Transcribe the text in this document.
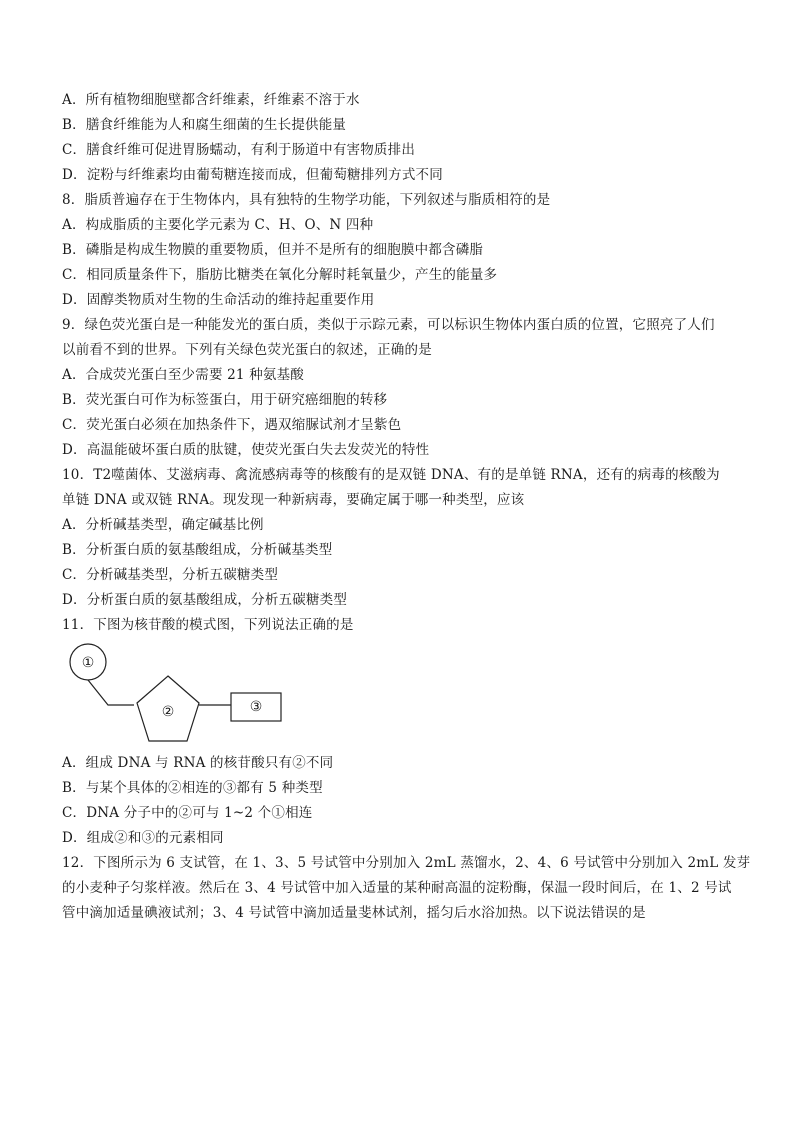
A．所有植物细胞壁都含纤维素，纤维素不溶于水
B．膳食纤维能为人和腐生细菌的生长提供能量
C．膳食纤维可促进胃肠蠕动，有利于肠道中有害物质排出
D．淀粉与纤维素均由葡萄糖连接而成，但葡萄糖排列方式不同
8．脂质普遍存在于生物体内，具有独特的生物学功能，下列叙述与脂质相符的是
A．构成脂质的主要化学元素为 C、H、O、N 四种
B．磷脂是构成生物膜的重要物质，但并不是所有的细胞膜中都含磷脂
C．相同质量条件下，脂肪比糖类在氧化分解时耗氧量少，产生的能量多
D．固醇类物质对生物的生命活动的维持起重要作用
9．绿色荧光蛋白是一种能发光的蛋白质，类似于示踪元素，可以标识生物体内蛋白质的位置，它照亮了人们
以前看不到的世界。下列有关绿色荧光蛋白的叙述，正确的是
A．合成荧光蛋白至少需要 21 种氨基酸
B．荧光蛋白可作为标签蛋白，用于研究癌细胞的转移
C．荧光蛋白必须在加热条件下，遇双缩脲试剂才呈紫色
D．高温能破坏蛋白质的肽键，使荧光蛋白失去发荧光的特性
10．T2噬菌体、艾滋病毒、禽流感病毒等的核酸有的是双链 DNA、有的是单链 RNA，还有的病毒的核酸为
单链 DNA 或双链 RNA。现发现一种新病毒，要确定属于哪一种类型，应该
A．分析碱基类型，确定碱基比例
B．分析蛋白质的氨基酸组成，分析碱基类型
C．分析碱基类型，分析五碳糖类型
D．分析蛋白质的氨基酸组成，分析五碳糖类型
11．下图为核苷酸的模式图，下列说法正确的是
①
②	③
A．组成 DNA 与 RNA 的核苷酸只有②不同
B．与某个具体的②相连的③都有 5 种类型
C．DNA 分子中的②可与 1~2 个①相连
D．组成②和③的元素相同
12．下图所示为 6 支试管，在 1、3、5 号试管中分别加入 2mL 蒸馏水，2、4、6 号试管中分别加入 2mL 发芽
的小麦种子匀浆样液。然后在 3、4 号试管中加入适量的某种耐高温的淀粉酶，保温一段时间后，在 1、2 号试
管中滴加适量碘液试剂；3、4 号试管中滴加适量斐林试剂，摇匀后水浴加热。以下说法错误的是
